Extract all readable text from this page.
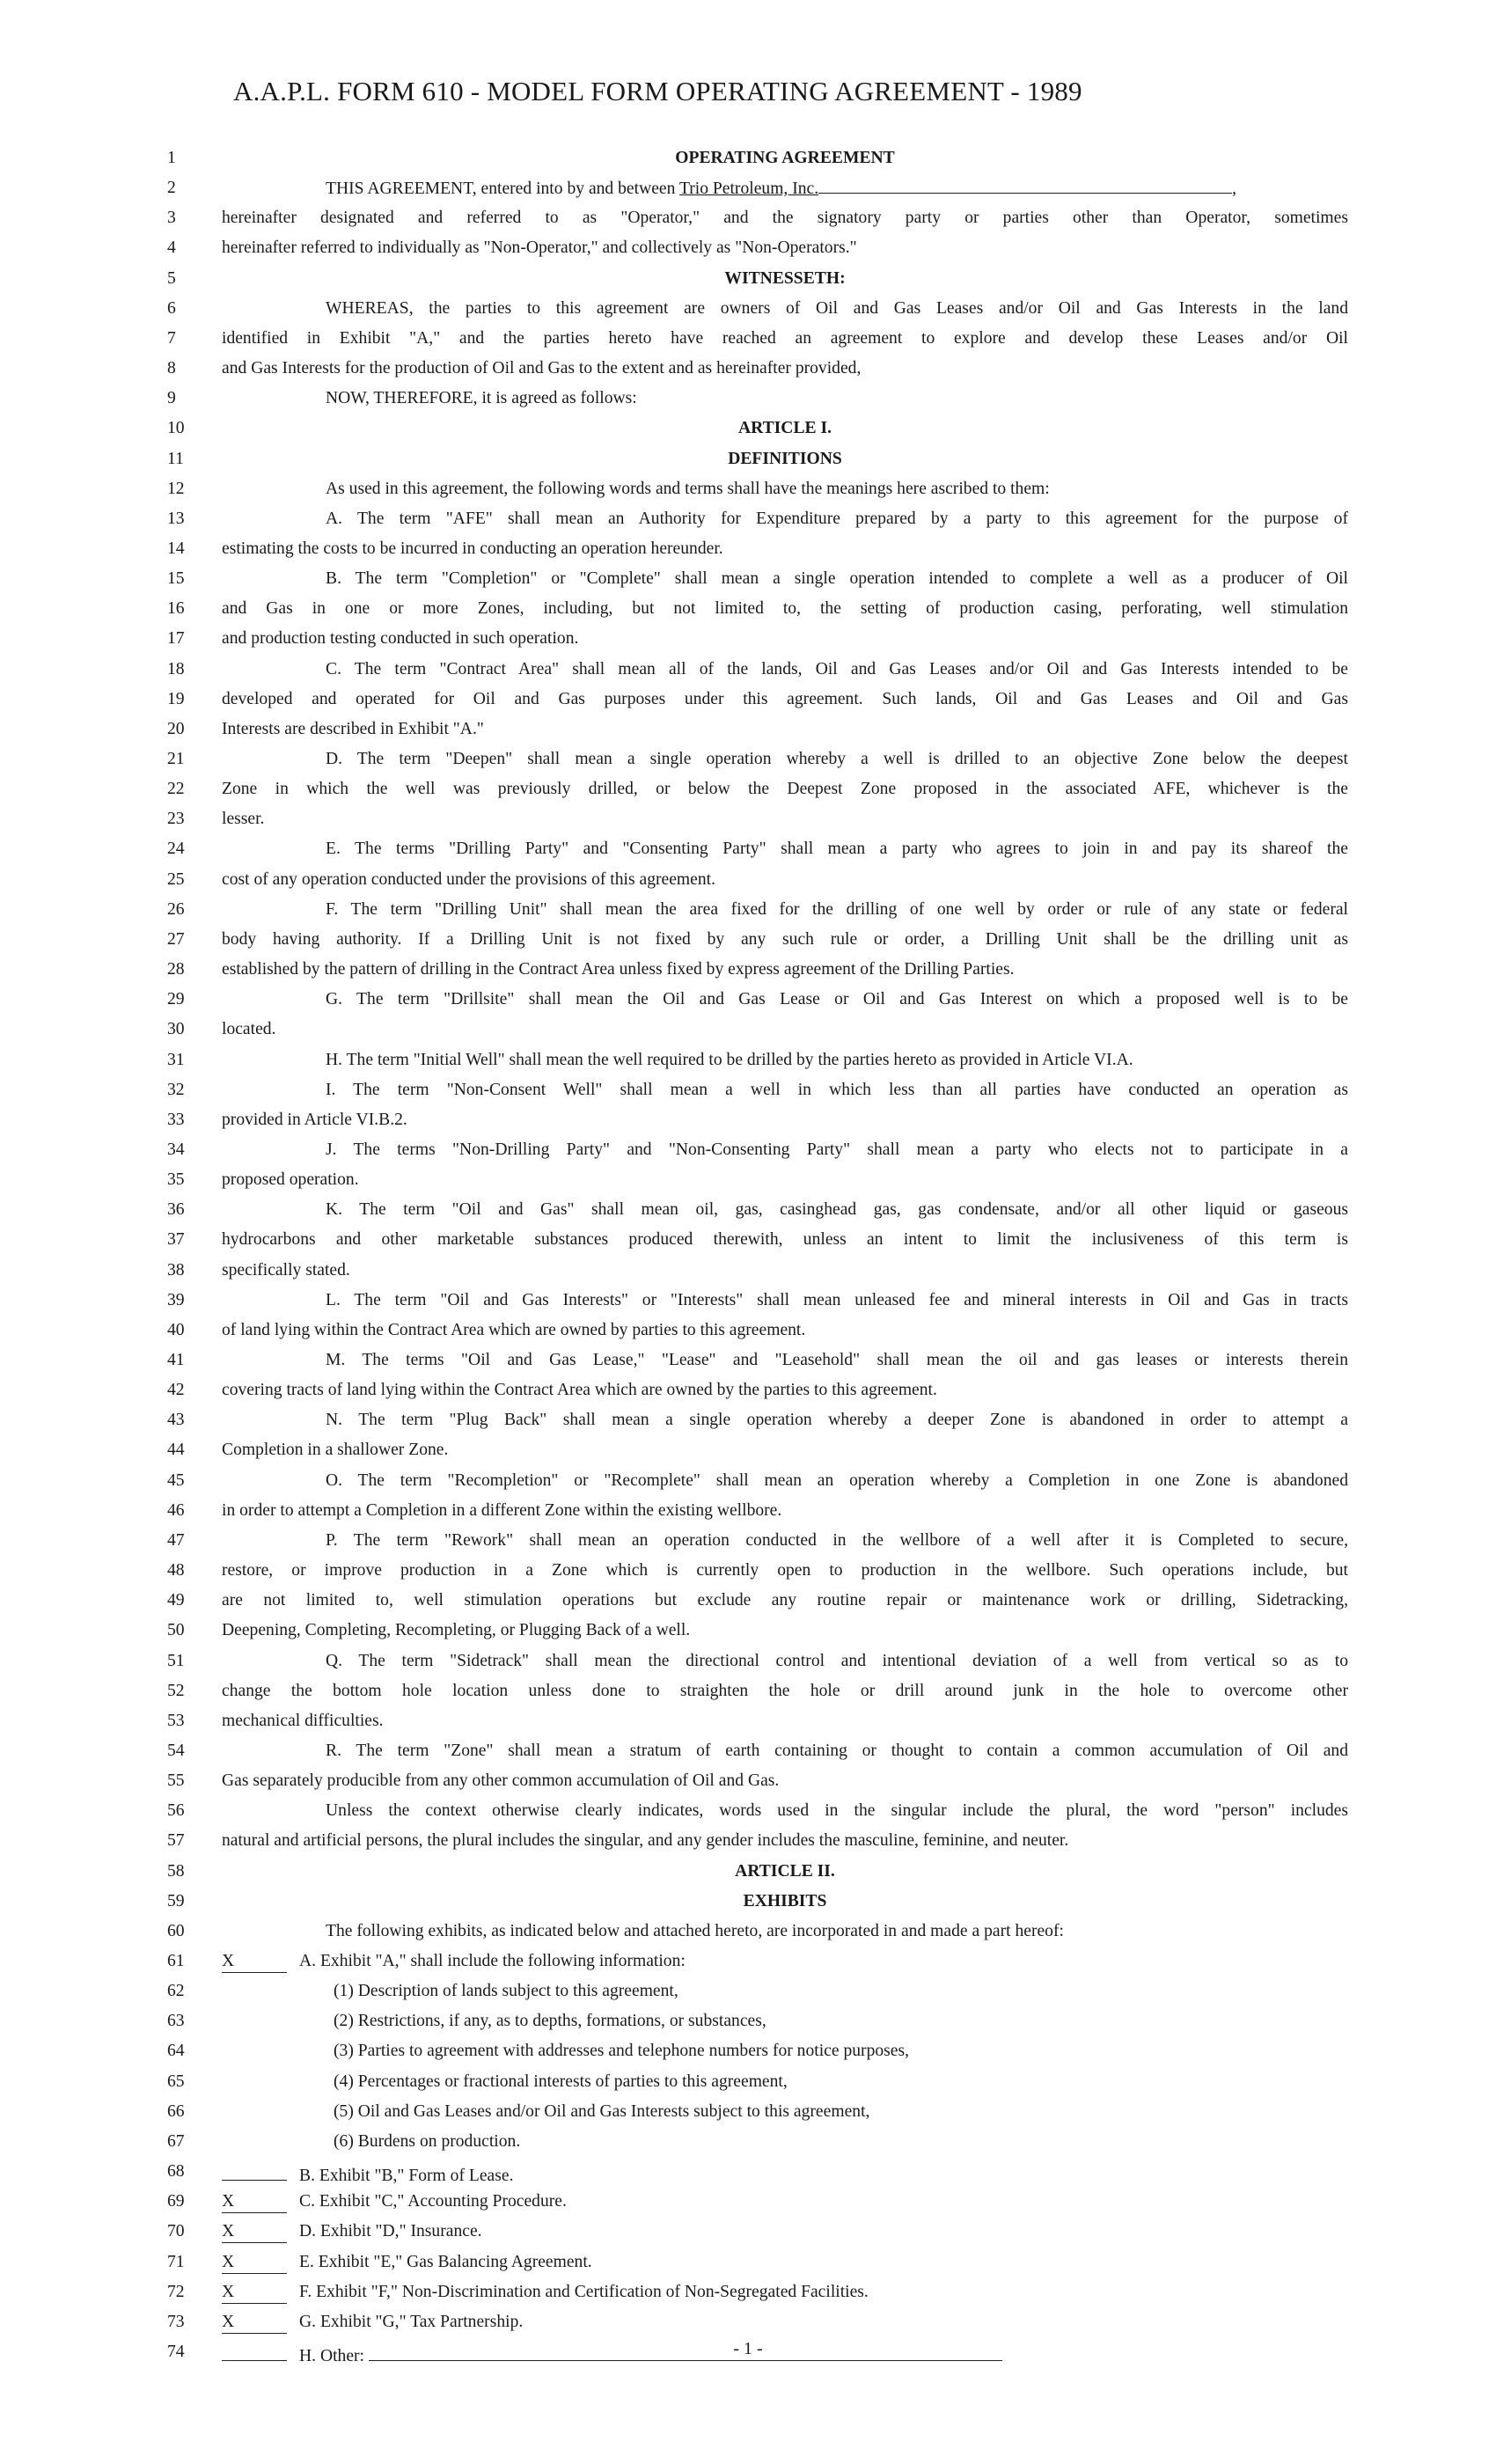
A.A.P.L. FORM 610 - MODEL FORM OPERATING AGREEMENT - 1989
1	OPERATING AGREEMENT
2	THIS AGREEMENT, entered into by and between Trio Petroleum, Inc.	,
3	hereinafter designated and referred to as "Operator," and the signatory party or parties other than Operator, sometimes
4	hereinafter referred to individually as "Non-Operator," and collectively as "Non-Operators."
5	WITNESSETH:
6	WHEREAS, the parties to this agreement are owners of Oil and Gas Leases and/or Oil and Gas Interests in the land
7	identified in Exhibit "A," and the parties hereto have reached an agreement to explore and develop these Leases and/or Oil
8	and Gas Interests for the production of Oil and Gas to the extent and as hereinafter provided,
9	NOW, THEREFORE, it is agreed as follows:
10	ARTICLE I.
11	DEFINITIONS
12	As used in this agreement, the following words and terms shall have the meanings here ascribed to them:
13	A. The term "AFE" shall mean an Authority for Expenditure prepared by a party to this agreement for the purpose of
14	estimating the costs to be incurred in conducting an operation hereunder.
15	B. The term "Completion" or "Complete" shall mean a single operation intended to complete a well as a producer of Oil
16	and Gas in one or more Zones, including, but not limited to, the setting of production casing, perforating, well stimulation
17	and production testing conducted in such operation.
18	C. The term "Contract Area" shall mean all of the lands, Oil and Gas Leases and/or Oil and Gas Interests intended to be
19	developed and operated for Oil and Gas purposes under this agreement. Such lands, Oil and Gas Leases and Oil and Gas
20	Interests are described in Exhibit "A."
21	D. The term "Deepen" shall mean a single operation whereby a well is drilled to an objective Zone below the deepest
22	Zone in which the well was previously drilled, or below the Deepest Zone proposed in the associated AFE, whichever is the
23	lesser.
24	E. The terms "Drilling Party" and "Consenting Party" shall mean a party who agrees to join in and pay its shareof the
25	cost of any operation conducted under the provisions of this agreement.
26	F. The term "Drilling Unit" shall mean the area fixed for the drilling of one well by order or rule of any state or federal
27	body having authority. If a Drilling Unit is not fixed by any such rule or order, a Drilling Unit shall be the drilling unit as
28	established by the pattern of drilling in the Contract Area unless fixed by express agreement of the Drilling Parties.
29	G. The term "Drillsite" shall mean the Oil and Gas Lease or Oil and Gas Interest on which a proposed well is to be
30	located.
31	H. The term "Initial Well" shall mean the well required to be drilled by the parties hereto as provided in Article VI.A.
32	I. The term "Non-Consent Well" shall mean a well in which less than all parties have conducted an operation as
33	provided in Article VI.B.2.
34	J. The terms "Non-Drilling Party" and "Non-Consenting Party" shall mean a party who elects not to participate in a
35	proposed operation.
36	K. The term "Oil and Gas" shall mean oil, gas, casinghead gas, gas condensate, and/or all other liquid or gaseous
37	hydrocarbons and other marketable substances produced therewith, unless an intent to limit the inclusiveness of this term is
38	specifically stated.
39	L. The term "Oil and Gas Interests" or "Interests" shall mean unleased fee and mineral interests in Oil and Gas in tracts
40	of land lying within the Contract Area which are owned by parties to this agreement.
41	M. The terms "Oil and Gas Lease," "Lease" and "Leasehold" shall mean the oil and gas leases or interests therein
42	covering tracts of land lying within the Contract Area which are owned by the parties to this agreement.
43	N. The term "Plug Back" shall mean a single operation whereby a deeper Zone is abandoned in order to attempt a
44	Completion in a shallower Zone.
45	O. The term "Recompletion" or "Recomplete" shall mean an operation whereby a Completion in one Zone is abandoned
46	in order to attempt a Completion in a different Zone within the existing wellbore.
47	P. The term "Rework" shall mean an operation conducted in the wellbore of a well after it is Completed to secure,
48	restore, or improve production in a Zone which is currently open to production in the wellbore. Such operations include, but
49	are not limited to, well stimulation operations but exclude any routine repair or maintenance work or drilling, Sidetracking,
50	Deepening, Completing, Recompleting, or Plugging Back of a well.
51	Q. The term "Sidetrack" shall mean the directional control and intentional deviation of a well from vertical so as to
52	change the bottom hole location unless done to straighten the hole or drill around junk in the hole to overcome other
53	mechanical difficulties.
54	R. The term "Zone" shall mean a stratum of earth containing or thought to contain a common accumulation of Oil and
55	Gas separately producible from any other common accumulation of Oil and Gas.
56	Unless the context otherwise clearly indicates, words used in the singular include the plural, the word "person" includes
57	natural and artificial persons, the plural includes the singular, and any gender includes the masculine, feminine, and neuter.
58	ARTICLE II.
59	EXHIBITS
60	The following exhibits, as indicated below and attached hereto, are incorporated in and made a part hereof:
61	X	A. Exhibit "A," shall include the following information:
62	(1) Description of lands subject to this agreement,
63	(2) Restrictions, if any, as to depths, formations, or substances,
64	(3) Parties to agreement with addresses and telephone numbers for notice purposes,
65	(4) Percentages or fractional interests of parties to this agreement,
66	(5) Oil and Gas Leases and/or Oil and Gas Interests subject to this agreement,
67	(6) Burdens on production.
68	B. Exhibit "B," Form of Lease.
69	X	C. Exhibit "C," Accounting Procedure.
70	X	D. Exhibit "D," Insurance.
71	X	E. Exhibit "E," Gas Balancing Agreement.
72	X	F. Exhibit "F," Non-Discrimination and Certification of Non-Segregated Facilities.
73	X	G. Exhibit "G," Tax Partnership.
74	H. Other:	- 1 -
